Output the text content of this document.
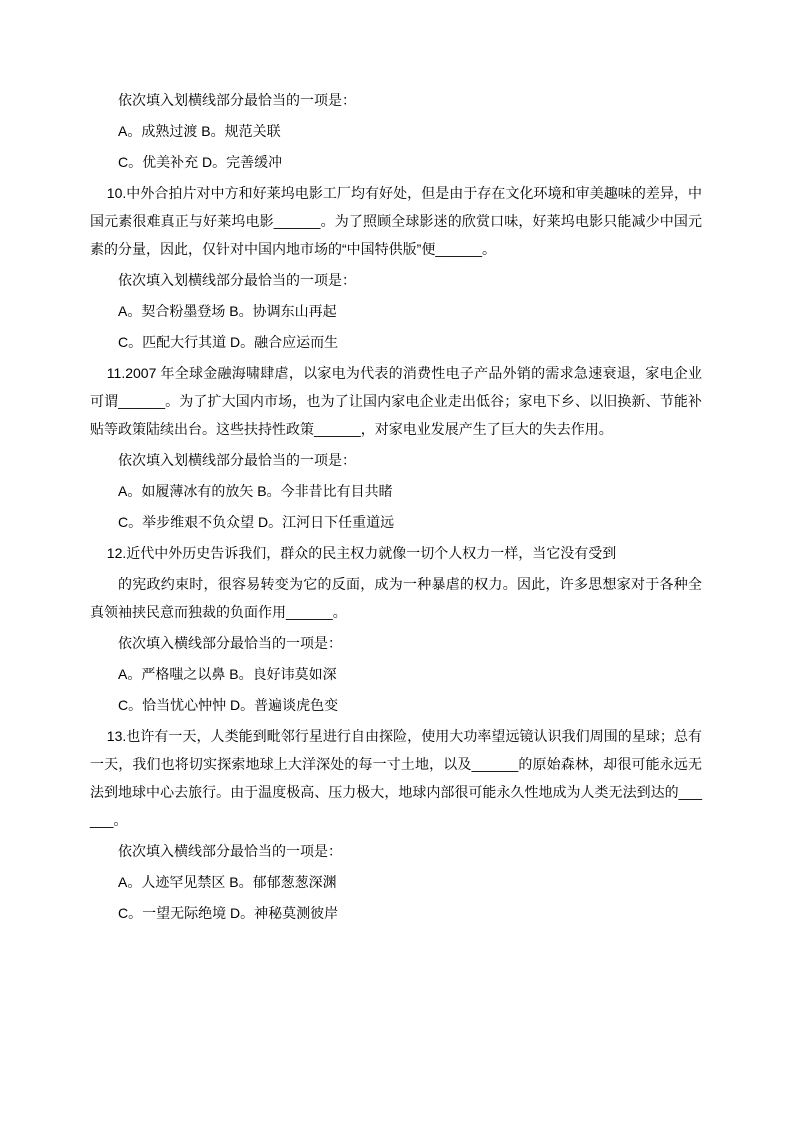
依次填入划横线部分最恰当的一项是：

A。成熟过渡 B。规范关联

C。优美补充 D。完善缓冲

10.中外合拍片对中方和好莱坞电影工厂均有好处，但是由于存在文化环境和审美趣味的差异，中国元素很难真正与好莱坞电影______。为了照顾全球影迷的欣赏口味，好莱坞电影只能减少中国元素的分量，因此，仅针对中国内地市场的“中国特供版”便______。

依次填入划横线部分最恰当的一项是：

A。契合粉墨登场 B。协调东山再起

C。匹配大行其道 D。融合应运而生

11.2007 年全球金融海啸肆虐，以家电为代表的消费性电子产品外销的需求急速衰退，家电企业可谓______。为了扩大国内市场，也为了让国内家电企业走出低谷；家电下乡、以旧换新、节能补贴等政策陆续出台。这些扶持性政策______，对家电业发展产生了巨大的失去作用。

依次填入划横线部分最恰当的一项是：

A。如履薄冰有的放矢 B。今非昔比有目共睹

C。举步维艰不负众望 D。江河日下任重道远

12.近代中外历史告诉我们，群众的民主权力就像一切个人权力一样，当它没有受到

的宪政约束时，很容易转变为它的反面，成为一种暴虐的权力。因此，许多思想家对于各种全真领袖挟民意而独裁的负面作用______。

依次填入横线部分最恰当的一项是：

A。严格嗤之以鼻 B。良好讳莫如深

C。恰当忧心忡忡 D。普遍谈虎色变

13.也许有一天，人类能到毗邻行星进行自由探险，使用大功率望远镜认识我们周围的星球；总有一天，我们也将切实探索地球上大洋深处的每一寸土地，以及______的原始森林，却很可能永远无法到地球中心去旅行。由于温度极高、压力极大，地球内部很可能永久性地成为人类无法到达的______。

依次填入横线部分最恰当的一项是：

A。人迹罕见禁区 B。郁郁葱葱深渊

C。一望无际绝境 D。神秘莫测彼岸
